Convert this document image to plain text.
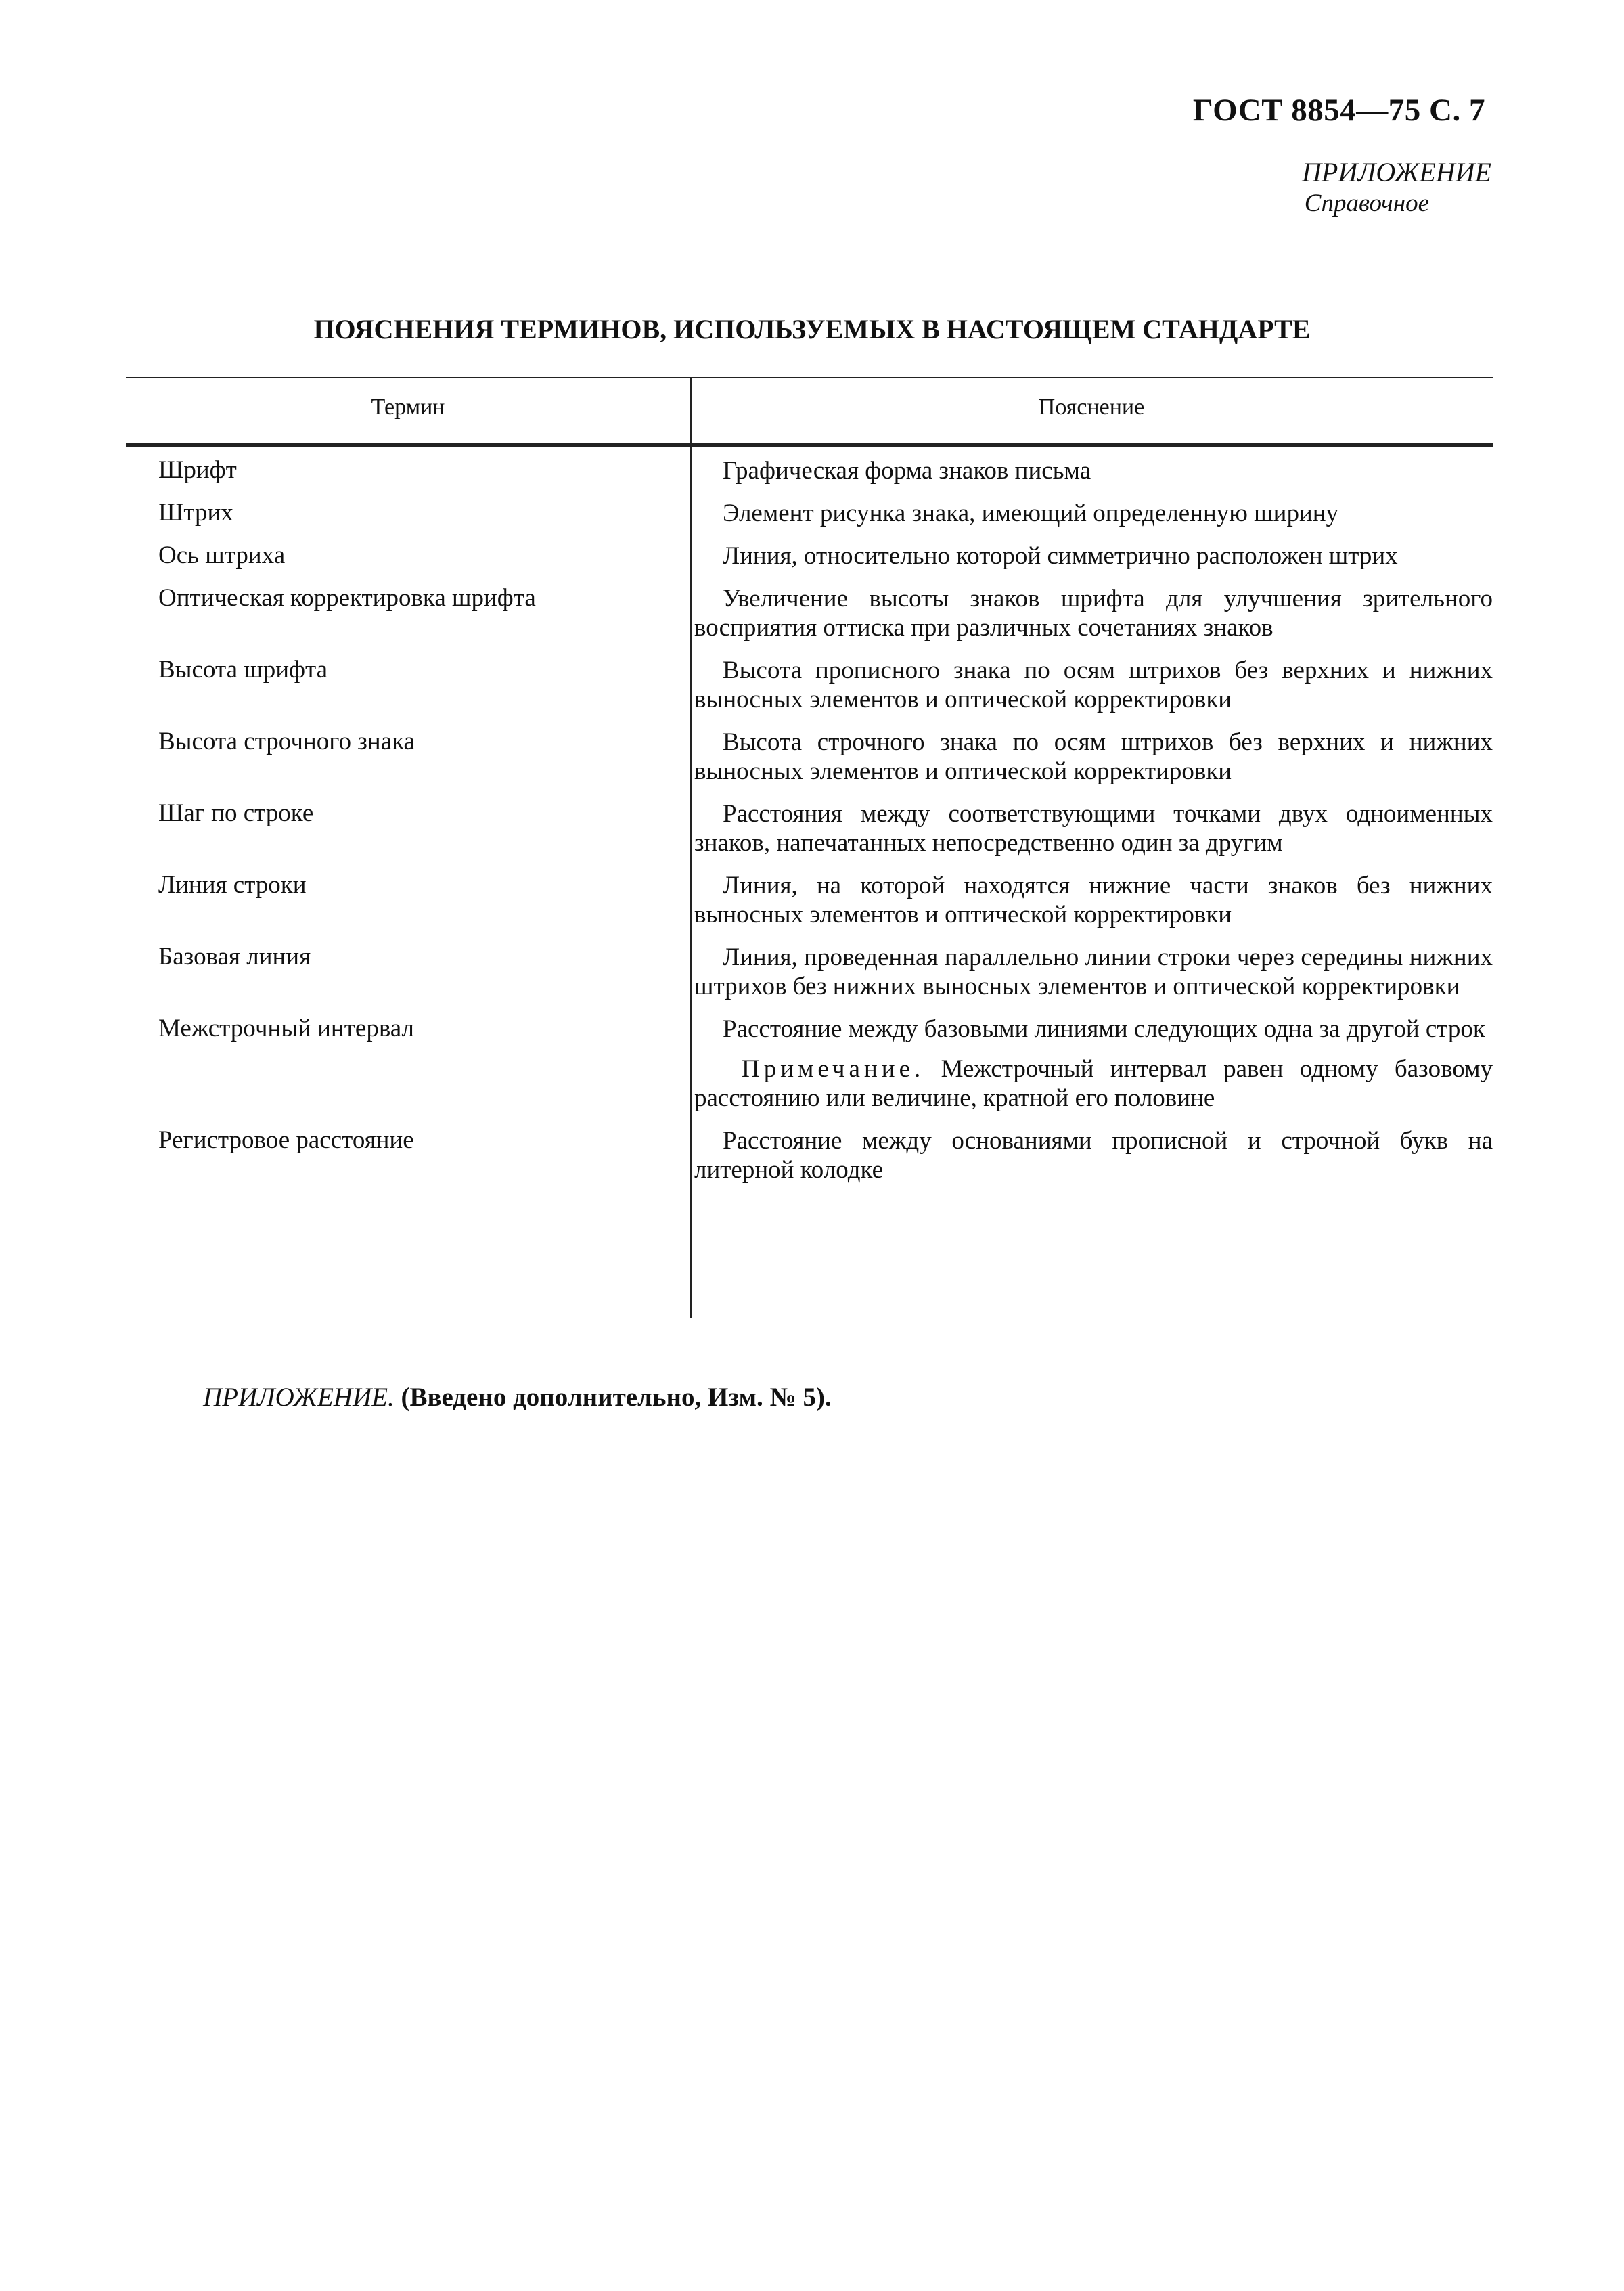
ГОСТ 8854—75 С. 7
ПРИЛОЖЕНИЕ
Справочное
ПОЯСНЕНИЯ ТЕРМИНОВ, ИСПОЛЬЗУЕМЫХ В НАСТОЯЩЕМ СТАНДАРТЕ
Термин	Пояснение
Шрифт	Графическая форма знаков письма
Штрих	Элемент рисунка знака, имеющий определенную ширину
Ось штриха	Линия, относительно которой симметрично расположен штрих
Оптическая корректировка шрифта	Увеличение высоты знаков шрифта для улучшения зрительного восприятия оттиска при различных сочетаниях знаков
Высота шрифта	Высота прописного знака по осям штрихов без верхних и нижних выносных элементов и оптической корректировки
Высота строчного знака	Высота строчного знака по осям штрихов без верхних и нижних выносных элементов и оптической корректировки
Шаг по строке	Расстояния между соответствующими точками двух одноименных знаков, напечатанных непосредственно один за другим
Линия строки	Линия, на которой находятся нижние части знаков без нижних выносных элементов и оптической корректировки
Базовая линия	Линия, проведенная параллельно линии строки через середины нижних штрихов без нижних выносных элементов и оптической корректировки
Межстрочный интервал	Расстояние между базовыми линиями следующих одна за другой строк
Примечание. Межстрочный интервал равен одному базовому расстоянию или величине, кратной его половине
Регистровое расстояние	Расстояние между основаниями прописной и строчной букв на литерной колодке
ПРИЛОЖЕНИЕ. (Введено дополнительно, Изм. № 5).
